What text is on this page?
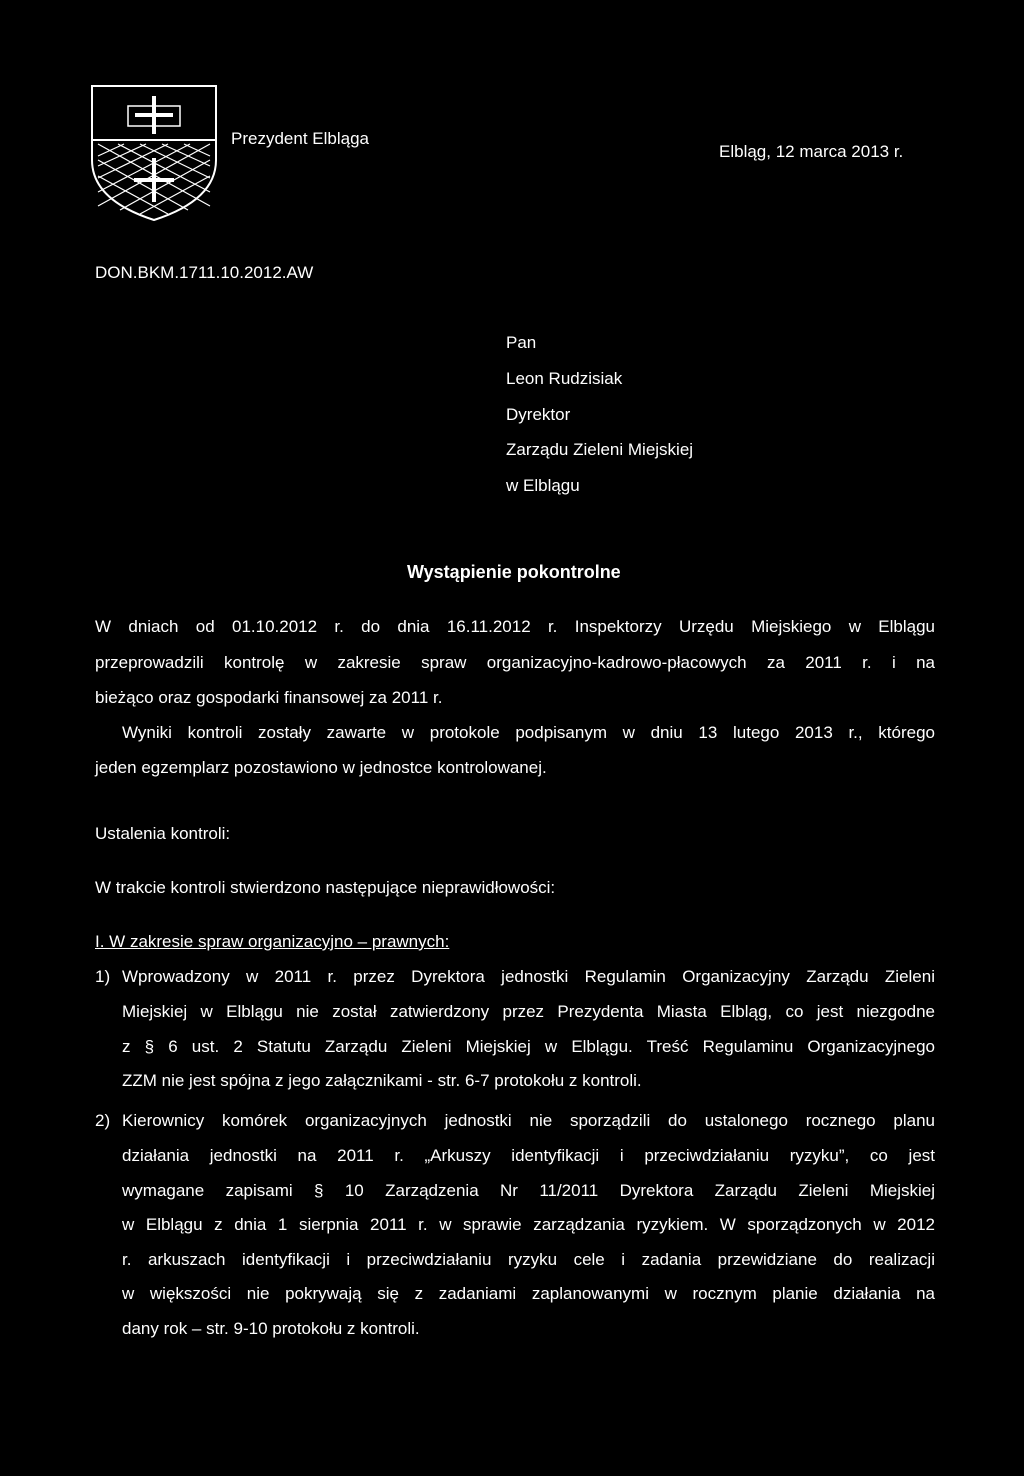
Prezydent Elbląga
Elbląg, 12 marca 2013 r.
DON.BKM.1711.10.2012.AW
Pan
Leon Rudzisiak
Dyrektor
Zarządu Zieleni Miejskiej
w Elblągu
Wystąpienie pokontrolne
W dniach od 01.10.2012 r. do dnia 16.11.2012 r. Inspektorzy Urzędu Miejskiego w Elblągu
przeprowadzili kontrolę w zakresie spraw organizacyjno-kadrowo-płacowych za 2011 r. i na
bieżąco oraz gospodarki finansowej za 2011 r.
Wyniki kontroli zostały zawarte w protokole podpisanym w dniu 13 lutego 2013 r., którego
jeden egzemplarz pozostawiono w jednostce kontrolowanej.
Ustalenia kontroli:
W trakcie kontroli stwierdzono następujące nieprawidłowości:
I. W zakresie spraw organizacyjno – prawnych:
1) Wprowadzony w 2011 r. przez Dyrektora jednostki Regulamin Organizacyjny Zarządu Zieleni
Miejskiej w Elblągu nie został zatwierdzony przez Prezydenta Miasta Elbląg, co jest niezgodne
z § 6 ust. 2 Statutu Zarządu Zieleni Miejskiej w Elblągu. Treść Regulaminu Organizacyjnego
ZZM nie jest spójna z jego załącznikami - str. 6-7 protokołu z kontroli.
2) Kierownicy komórek organizacyjnych jednostki nie sporządzili do ustalonego rocznego planu
działania jednostki na 2011 r. „Arkuszy identyfikacji i przeciwdziałaniu ryzyku”, co jest
wymagane zapisami § 10 Zarządzenia Nr 11/2011 Dyrektora Zarządu Zieleni Miejskiej
w Elblągu z dnia 1 sierpnia 2011 r. w sprawie zarządzania ryzykiem. W sporządzonych w 2012
r. arkuszach identyfikacji i przeciwdziałaniu ryzyku cele i zadania przewidziane do realizacji
w większości nie pokrywają się z zadaniami zaplanowanymi w rocznym planie działania na
dany rok – str. 9-10 protokołu z kontroli.
